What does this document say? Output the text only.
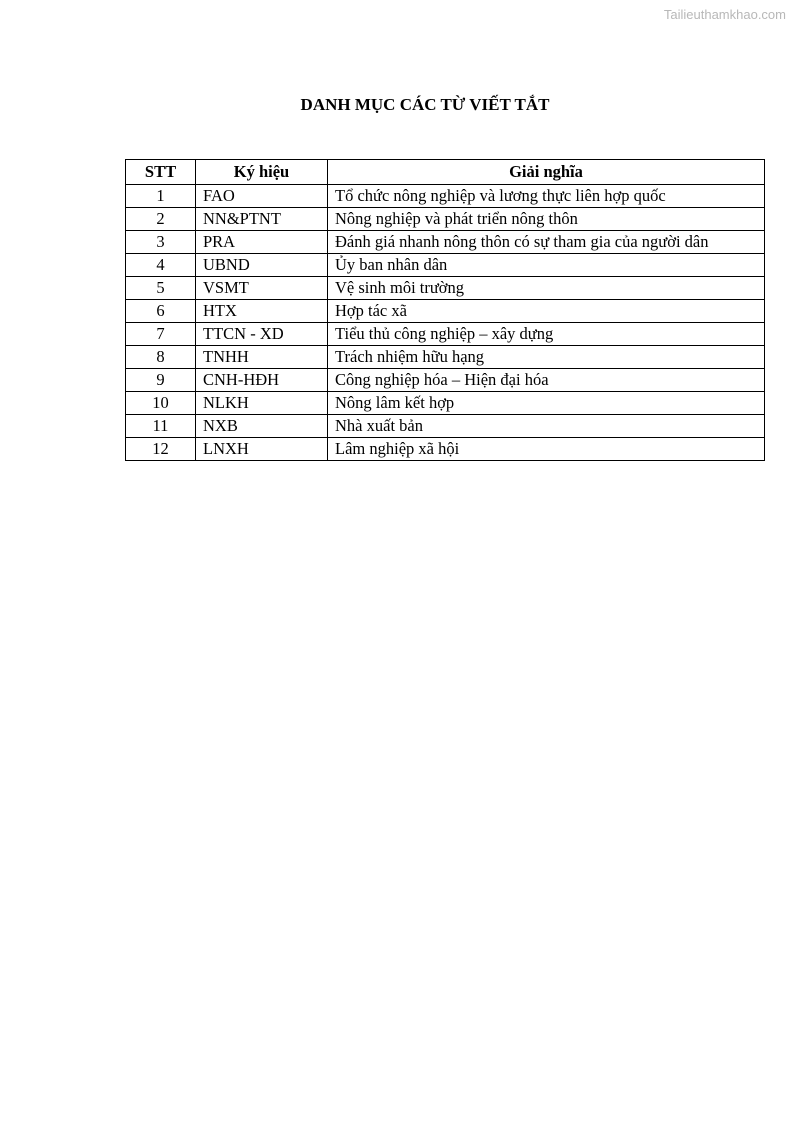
Tailieuthamkhao.com
DANH MỤC CÁC TỪ VIẾT TẮT
STT	Ký hiệu	Giải nghĩa
1	FAO	Tổ chức nông nghiệp và lương thực liên hợp quốc
2	NN&PTNT	Nông nghiệp và phát triển nông thôn
3	PRA	Đánh giá nhanh nông thôn có sự tham gia của người dân
4	UBND	Ủy ban nhân dân
5	VSMT	Vệ sinh môi trường
6	HTX	Hợp tác xã
7	TTCN - XD	Tiểu thủ công nghiệp – xây dựng
8	TNHH	Trách nhiệm hữu hạng
9	CNH-HĐH	Công nghiệp hóa – Hiện đại hóa
10	NLKH	Nông lâm kết hợp
11	NXB	Nhà xuất bản
12	LNXH	Lâm nghiệp xã hội
